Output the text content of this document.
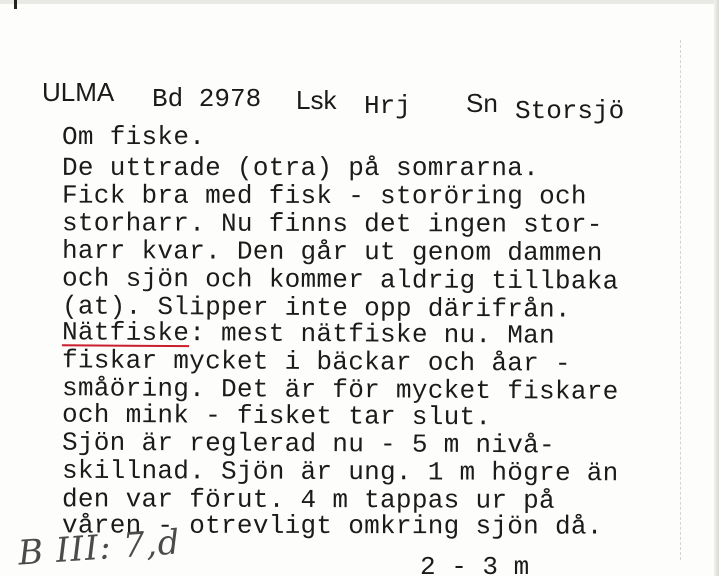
ULMA Bd 2978 Lsk Hrj Sn Storsjö
Om fiske.
De uttrade (otra) på somrarna.
Fick bra med fisk - storöring och
storharr. Nu finns det ingen stor-
harr kvar. Den går ut genom dammen
och sjön och kommer aldrig tillbaka
(at). Slipper inte opp därifrån.
Nätfiske: mest nätfiske nu. Man
fiskar mycket i bäckar och åar -
småöring. Det är för mycket fiskare
och mink - fisket tar slut.
Sjön är reglerad nu - 5 m nivå-
skillnad. Sjön är ung. 1 m högre än
den var förut. 4 m tappas ur på
våren - otrevligt omkring sjön då.
B III: 7,d	2 - 3 m
